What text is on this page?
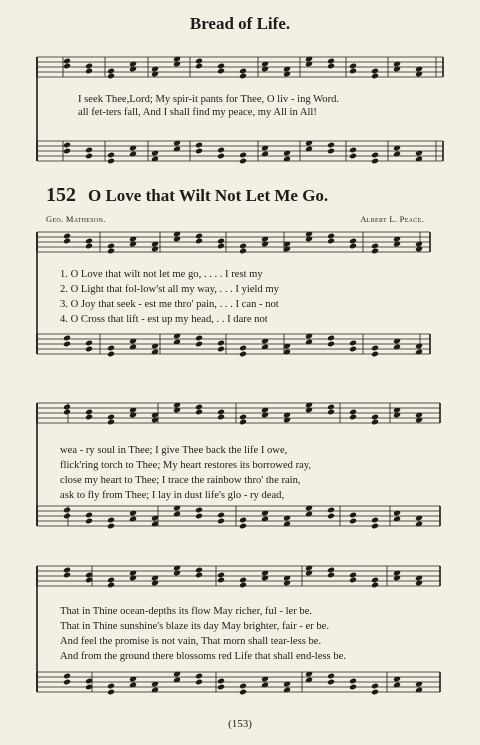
Bread of Life.
I seek Thee,Lord; My spir-it pants for Thee, O liv - ing Word.
all fet-ters fall, And I shall find my peace, my All in All!
152 O Love that Wilt Not Let Me Go.
Geo. Matheson.	Albert L. Peace.
1. O Love that wilt not let me go, . . . . I rest my
2. O Light that fol-low'st all my way, . . . I yield my
3. O Joy that seek - est me thro' pain, . . . I can - not
4. O Cross that lift - est up my head, . . I dare not
wea - ry soul in Thee; I give Thee back the life I owe,
flick'ring torch to Thee; My heart restores its borrowed ray,
close my heart to Thee; I trace the rainbow thro' the rain,
ask to fly from Thee; I lay in dust life's glo - ry dead,
That in Thine ocean-depths its flow May richer, ful - ler be.
That in Thine sunshine's blaze its day May brighter, fair - er be.
And feel the promise is not vain, That morn shall tear-less be.
And from the ground there blossoms red Life that shall end-less be.
(153)
